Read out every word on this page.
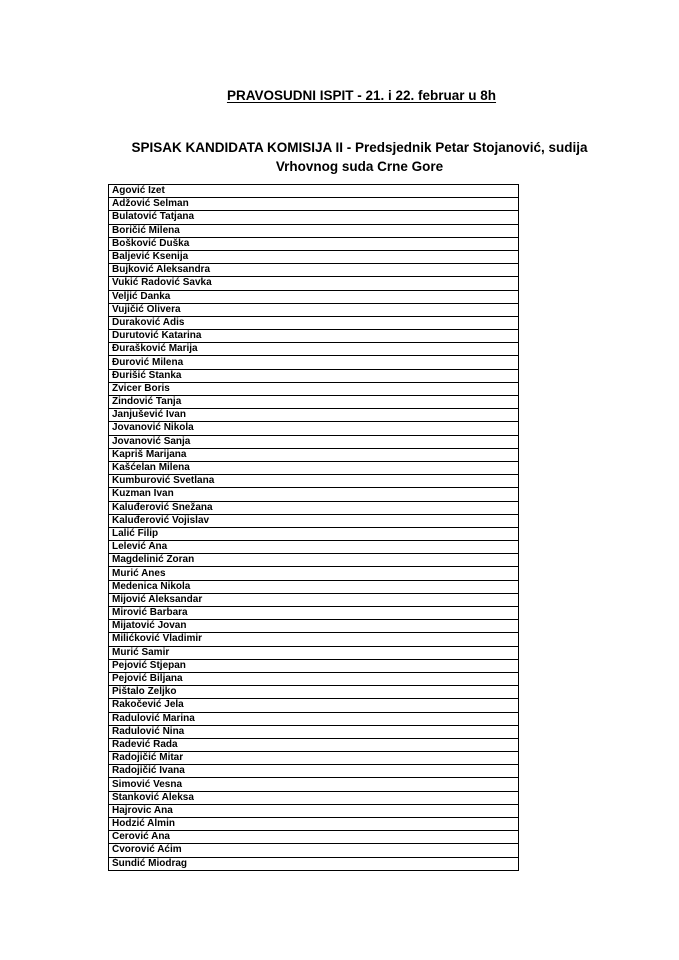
PRAVOSUDNI ISPIT - 21. i 22. februar u 8h

SPISAK KANDIDATA KOMISIJA II - Predsjednik Petar Stojanović, sudija
Vrhovnog suda Crne Gore
Agović Izet
Adžović Selman
Bulatović Tatjana
Boričić Milena
Bošković Duška
Baljević Ksenija
Bujković Aleksandra
Vukić Radović Savka
Veljić Danka
Vujičić Olivera
Duraković Adis
Durutović Katarina
Đurašković Marija
Đurović Milena
Đurišić Stanka
Zvicer Boris
Zindović Tanja
Janjušević Ivan
Jovanović Nikola
Jovanović Sanja
Kapriš Marijana
Kašćelan Milena
Kumburović Svetlana
Kuzman Ivan
Kaluđerović Snežana
Kaluđerović Vojislav
Lalić Filip
Lelević Ana
Magdelinić Zoran
Murić Anes
Medenica Nikola
Mijović Aleksandar
Mirović Barbara
Mijatović Jovan
Milićković Vladimir
Murić Samir
Pejović Stjepan
Pejović Biljana
Pištalo Zeljko
Rakočević Jela
Radulović Marina
Radulović Nina
Radević Rada
Radojičić Mitar
Radojičić Ivana
Simović Vesna
Stanković Aleksa
Hajrovic Ana
Hodzić Almin
Cerović Ana
Čvorović Aćim
Šundić Miodrag
